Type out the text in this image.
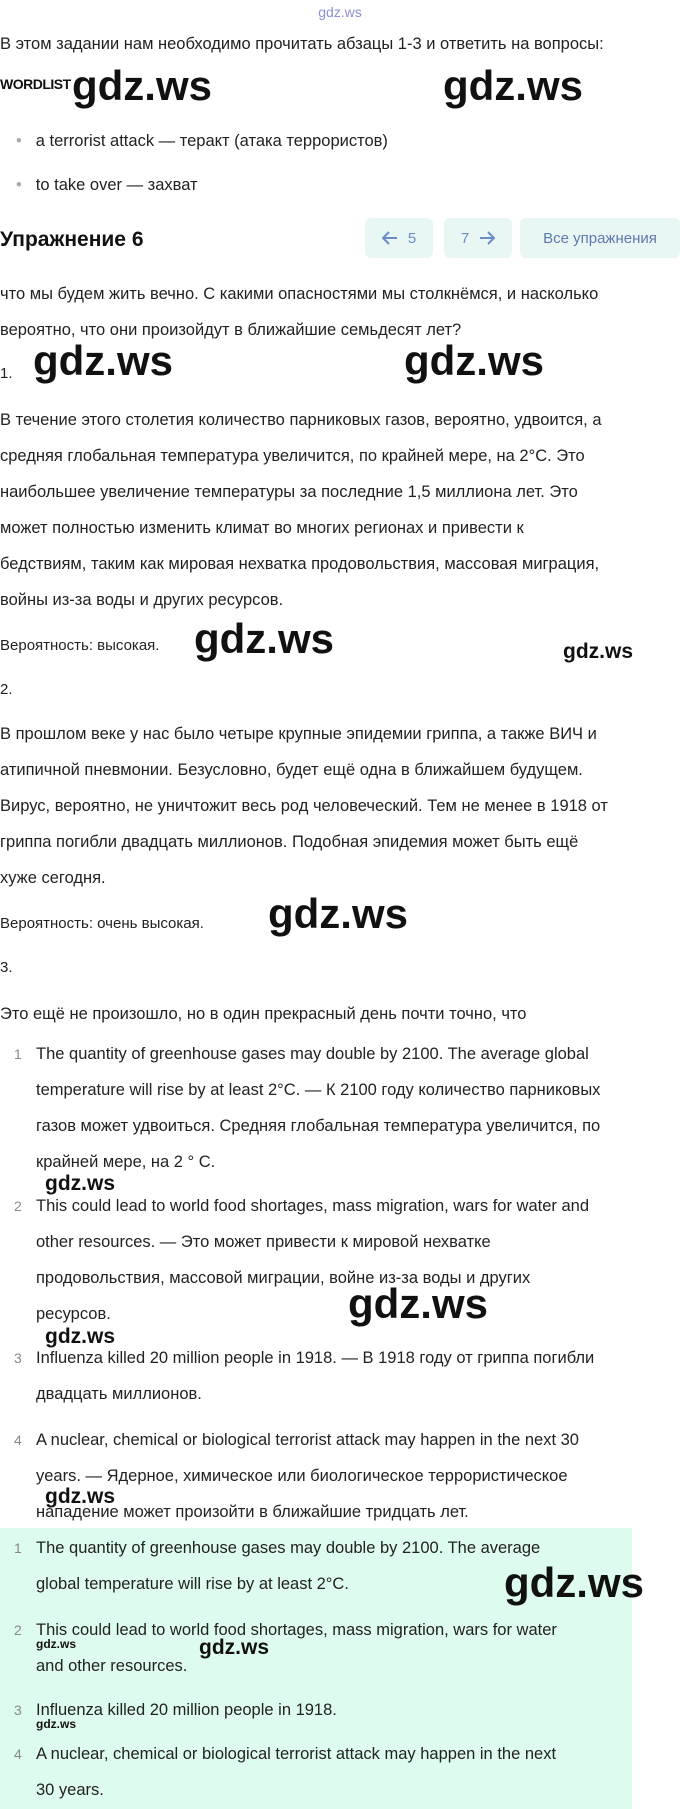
gdz.ws
В этом задании нам необходимо прочитать абзацы 1-3 и ответить на вопросы:
WORDLIST
• a terrorist attack — теракт (атака террористов)
• to take over — захват
Упражнение 6	5	7	Все упражнения
что мы будем жить вечно. С какими опасностями мы столкнёмся, и насколько
вероятно, что они произойдут в ближайшие семьдесят лет?
1.
В течение этого столетия количество парниковых газов, вероятно, удвоится, а
средняя глобальная температура увеличится, по крайней мере, на 2°С. Это
наибольшее увеличение температуры за последние 1,5 миллиона лет. Это
может полностью изменить климат во многих регионах и привести к
бедствиям, таким как мировая нехватка продовольствия, массовая миграция,
войны из-за воды и других ресурсов.
Вероятность: высокая.
2.
В прошлом веке у нас было четыре крупные эпидемии гриппа, а также ВИЧ и
атипичной пневмонии. Безусловно, будет ещё одна в ближайшем будущем.
Вирус, вероятно, не уничтожит весь род человеческий. Тем не менее в 1918 от
гриппа погибли двадцать миллионов. Подобная эпидемия может быть ещё
хуже сегодня.
Вероятность: очень высокая.
3.
Это ещё не произошло, но в один прекрасный день почти точно, что
1 The quantity of greenhouse gases may double by 2100. The average global
temperature will rise by at least 2°C. — К 2100 году количество парниковых
газов может удвоиться. Средняя глобальная температура увеличится, по
крайней мере, на 2 ° С.
2 This could lead to world food shortages, mass migration, wars for water and
other resources. — Это может привести к мировой нехватке
продовольствия, массовой миграции, войне из-за воды и других
ресурсов.
3 Influenza killed 20 million people in 1918. — В 1918 году от гриппа погибли
двадцать миллионов.
4 A nuclear, chemical or biological terrorist attack may happen in the next 30
years. — Ядерное, химическое или биологическое террористическое
нападение может произойти в ближайшие тридцать лет.
1 The quantity of greenhouse gases may double by 2100. The average
global temperature will rise by at least 2°C.
2 This could lead to world food shortages, mass migration, wars for water
and other resources.
3 Influenza killed 20 million people in 1918.
4 A nuclear, chemical or biological terrorist attack may happen in the next
30 years.
gdz.ws	gdz.ws
gdz.ws	gdz.ws
gdz.ws	gdz.ws
gdz.ws
gdz.ws
gdz.ws
gdz.ws
gdz.ws
gdz.ws
gdz.ws	gdz.ws
gdz.ws
